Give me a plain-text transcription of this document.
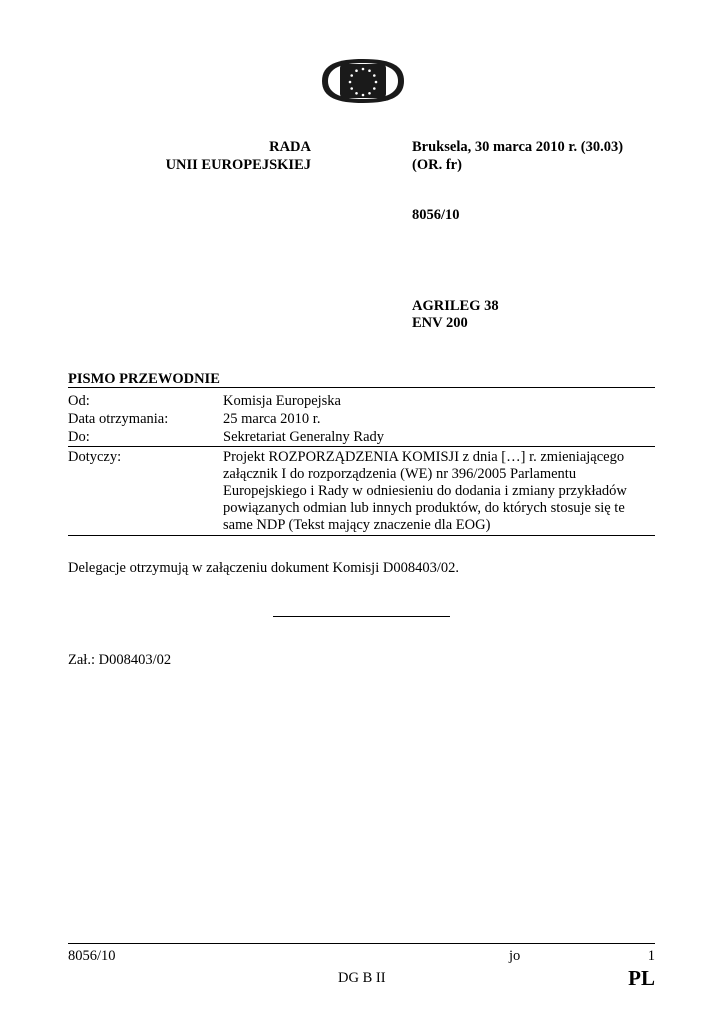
RADA
UNII EUROPEJSKIEJ
Bruksela, 30 marca 2010 r. (30.03)
(OR. fr)
8056/10
AGRILEG 38
ENV 200
PISMO PRZEWODNIE
Od:	Komisja Europejska
Data otrzymania:	25 marca 2010 r.
Do:	Sekretariat Generalny Rady
Dotyczy:	Projekt ROZPORZĄDZENIA KOMISJI z dnia […] r. zmieniającego
załącznik I do rozporządzenia (WE) nr 396/2005 Parlamentu
Europejskiego i Rady w odniesieniu do dodania i zmiany przykładów
powiązanych odmian lub innych produktów, do których stosuje się te
same NDP (Tekst mający znaczenie dla EOG)
Delegacje otrzymują w załączeniu dokument Komisji D008403/02.
Zał.: D008403/02
8056/10	jo	1
DG B II	PL
